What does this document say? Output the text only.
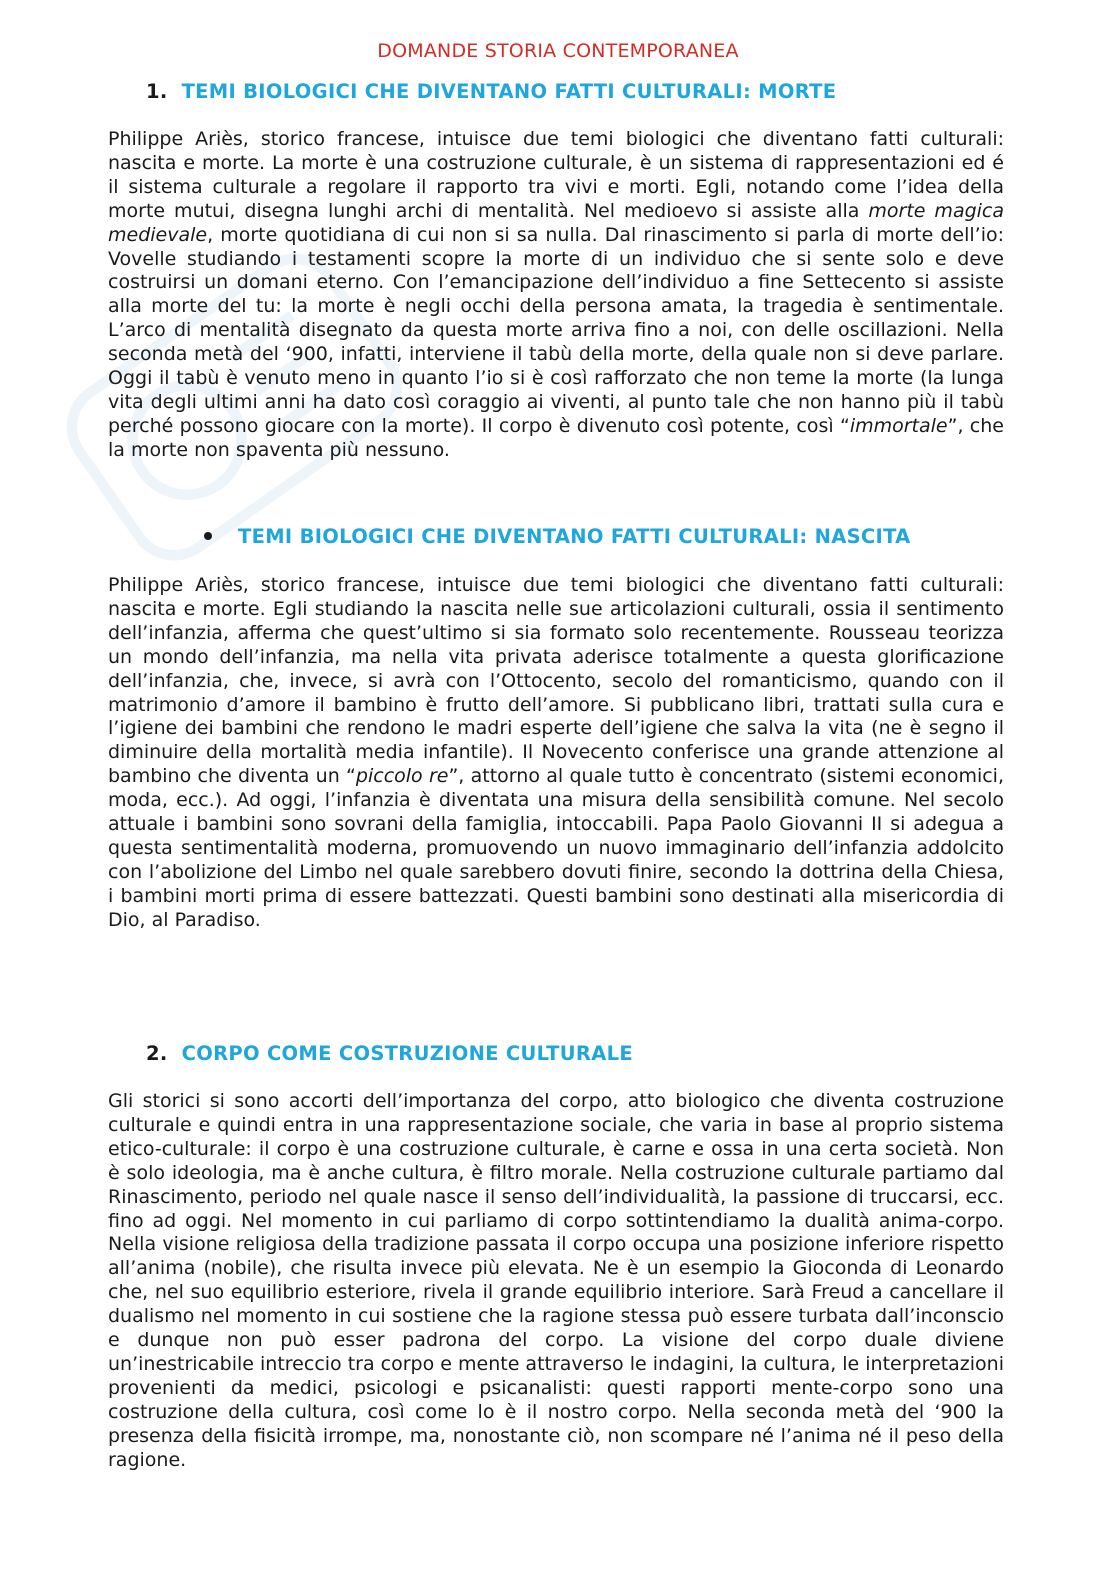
DOMANDE STORIA CONTEMPORANEA
1. TEMI BIOLOGICI CHE DIVENTANO FATTI CULTURALI: MORTE
Philippe Ariès, storico francese, intuisce due temi biologici che diventano fatti culturali: nascita e morte. La morte è una costruzione culturale, è un sistema di rappresentazioni ed é il sistema culturale a regolare il rapporto tra vivi e morti. Egli, notando come l’idea della morte mutui, disegna lunghi archi di mentalità. Nel medioevo si assiste alla morte magica medievale, morte quotidiana di cui non si sa nulla. Dal rinascimento si parla di morte dell’io: Vovelle studiando i testamenti scopre la morte di un individuo che si sente solo e deve costruirsi un domani eterno. Con l’emancipazione dell’individuo a fine Settecento si assiste alla morte del tu: la morte è negli occhi della persona amata, la tragedia è sentimentale. L’arco di mentalità disegnato da questa morte arriva fino a noi, con delle oscillazioni. Nella seconda metà del ‘900, infatti, interviene il tabù della morte, della quale non si deve parlare. Oggi il tabù è venuto meno in quanto l’io si è così rafforzato che non teme la morte (la lunga vita degli ultimi anni ha dato così coraggio ai viventi, al punto tale che non hanno più il tabù perché possono giocare con la morte). Il corpo è divenuto così potente, così “immortale”, che la morte non spaventa più nessuno.
TEMI BIOLOGICI CHE DIVENTANO FATTI CULTURALI: NASCITA
Philippe Ariès, storico francese, intuisce due temi biologici che diventano fatti culturali: nascita e morte. Egli studiando la nascita nelle sue articolazioni culturali, ossia il sentimento dell’infanzia, afferma che quest’ultimo si sia formato solo recentemente. Rousseau teorizza un mondo dell’infanzia, ma nella vita privata aderisce totalmente a questa glorificazione dell’infanzia, che, invece, si avrà con l’Ottocento, secolo del romanticismo, quando con il matrimonio d’amore il bambino è frutto dell’amore. Si pubblicano libri, trattati sulla cura e l’igiene dei bambini che rendono le madri esperte dell’igiene che salva la vita (ne è segno il diminuire della mortalità media infantile). Il Novecento conferisce una grande attenzione al bambino che diventa un “piccolo re”, attorno al quale tutto è concentrato (sistemi economici, moda, ecc.). Ad oggi, l’infanzia è diventata una misura della sensibilità comune. Nel secolo attuale i bambini sono sovrani della famiglia, intoccabili. Papa Paolo Giovanni II si adegua a questa sentimentalità moderna, promuovendo un nuovo immaginario dell’infanzia addolcito con l’abolizione del Limbo nel quale sarebbero dovuti finire, secondo la dottrina della Chiesa, i bambini morti prima di essere battezzati. Questi bambini sono destinati alla misericordia di Dio, al Paradiso.
2. CORPO COME COSTRUZIONE CULTURALE
Gli storici si sono accorti dell’importanza del corpo, atto biologico che diventa costruzione culturale e quindi entra in una rappresentazione sociale, che varia in base al proprio sistema etico-culturale: il corpo è una costruzione culturale, è carne e ossa in una certa società. Non è solo ideologia, ma è anche cultura, è filtro morale. Nella costruzione culturale partiamo dal Rinascimento, periodo nel quale nasce il senso dell’individualità, la passione di truccarsi, ecc. fino ad oggi. Nel momento in cui parliamo di corpo sottintendiamo la dualità anima-corpo. Nella visione religiosa della tradizione passata il corpo occupa una posizione inferiore rispetto all’anima (nobile), che risulta invece più elevata. Ne è un esempio la Gioconda di Leonardo che, nel suo equilibrio esteriore, rivela il grande equilibrio interiore. Sarà Freud a cancellare il dualismo nel momento in cui sostiene che la ragione stessa può essere turbata dall’inconscio e dunque non può esser padrona del corpo. La visione del corpo duale diviene un’inestricabile intreccio tra corpo e mente attraverso le indagini, la cultura, le interpretazioni provenienti da medici, psicologi e psicanalisti: questi rapporti mente-corpo sono una costruzione della cultura, così come lo è il nostro corpo. Nella seconda metà del ‘900 la presenza della fisicità irrompe, ma, nonostante ciò, non scompare né l’anima né il peso della ragione.
